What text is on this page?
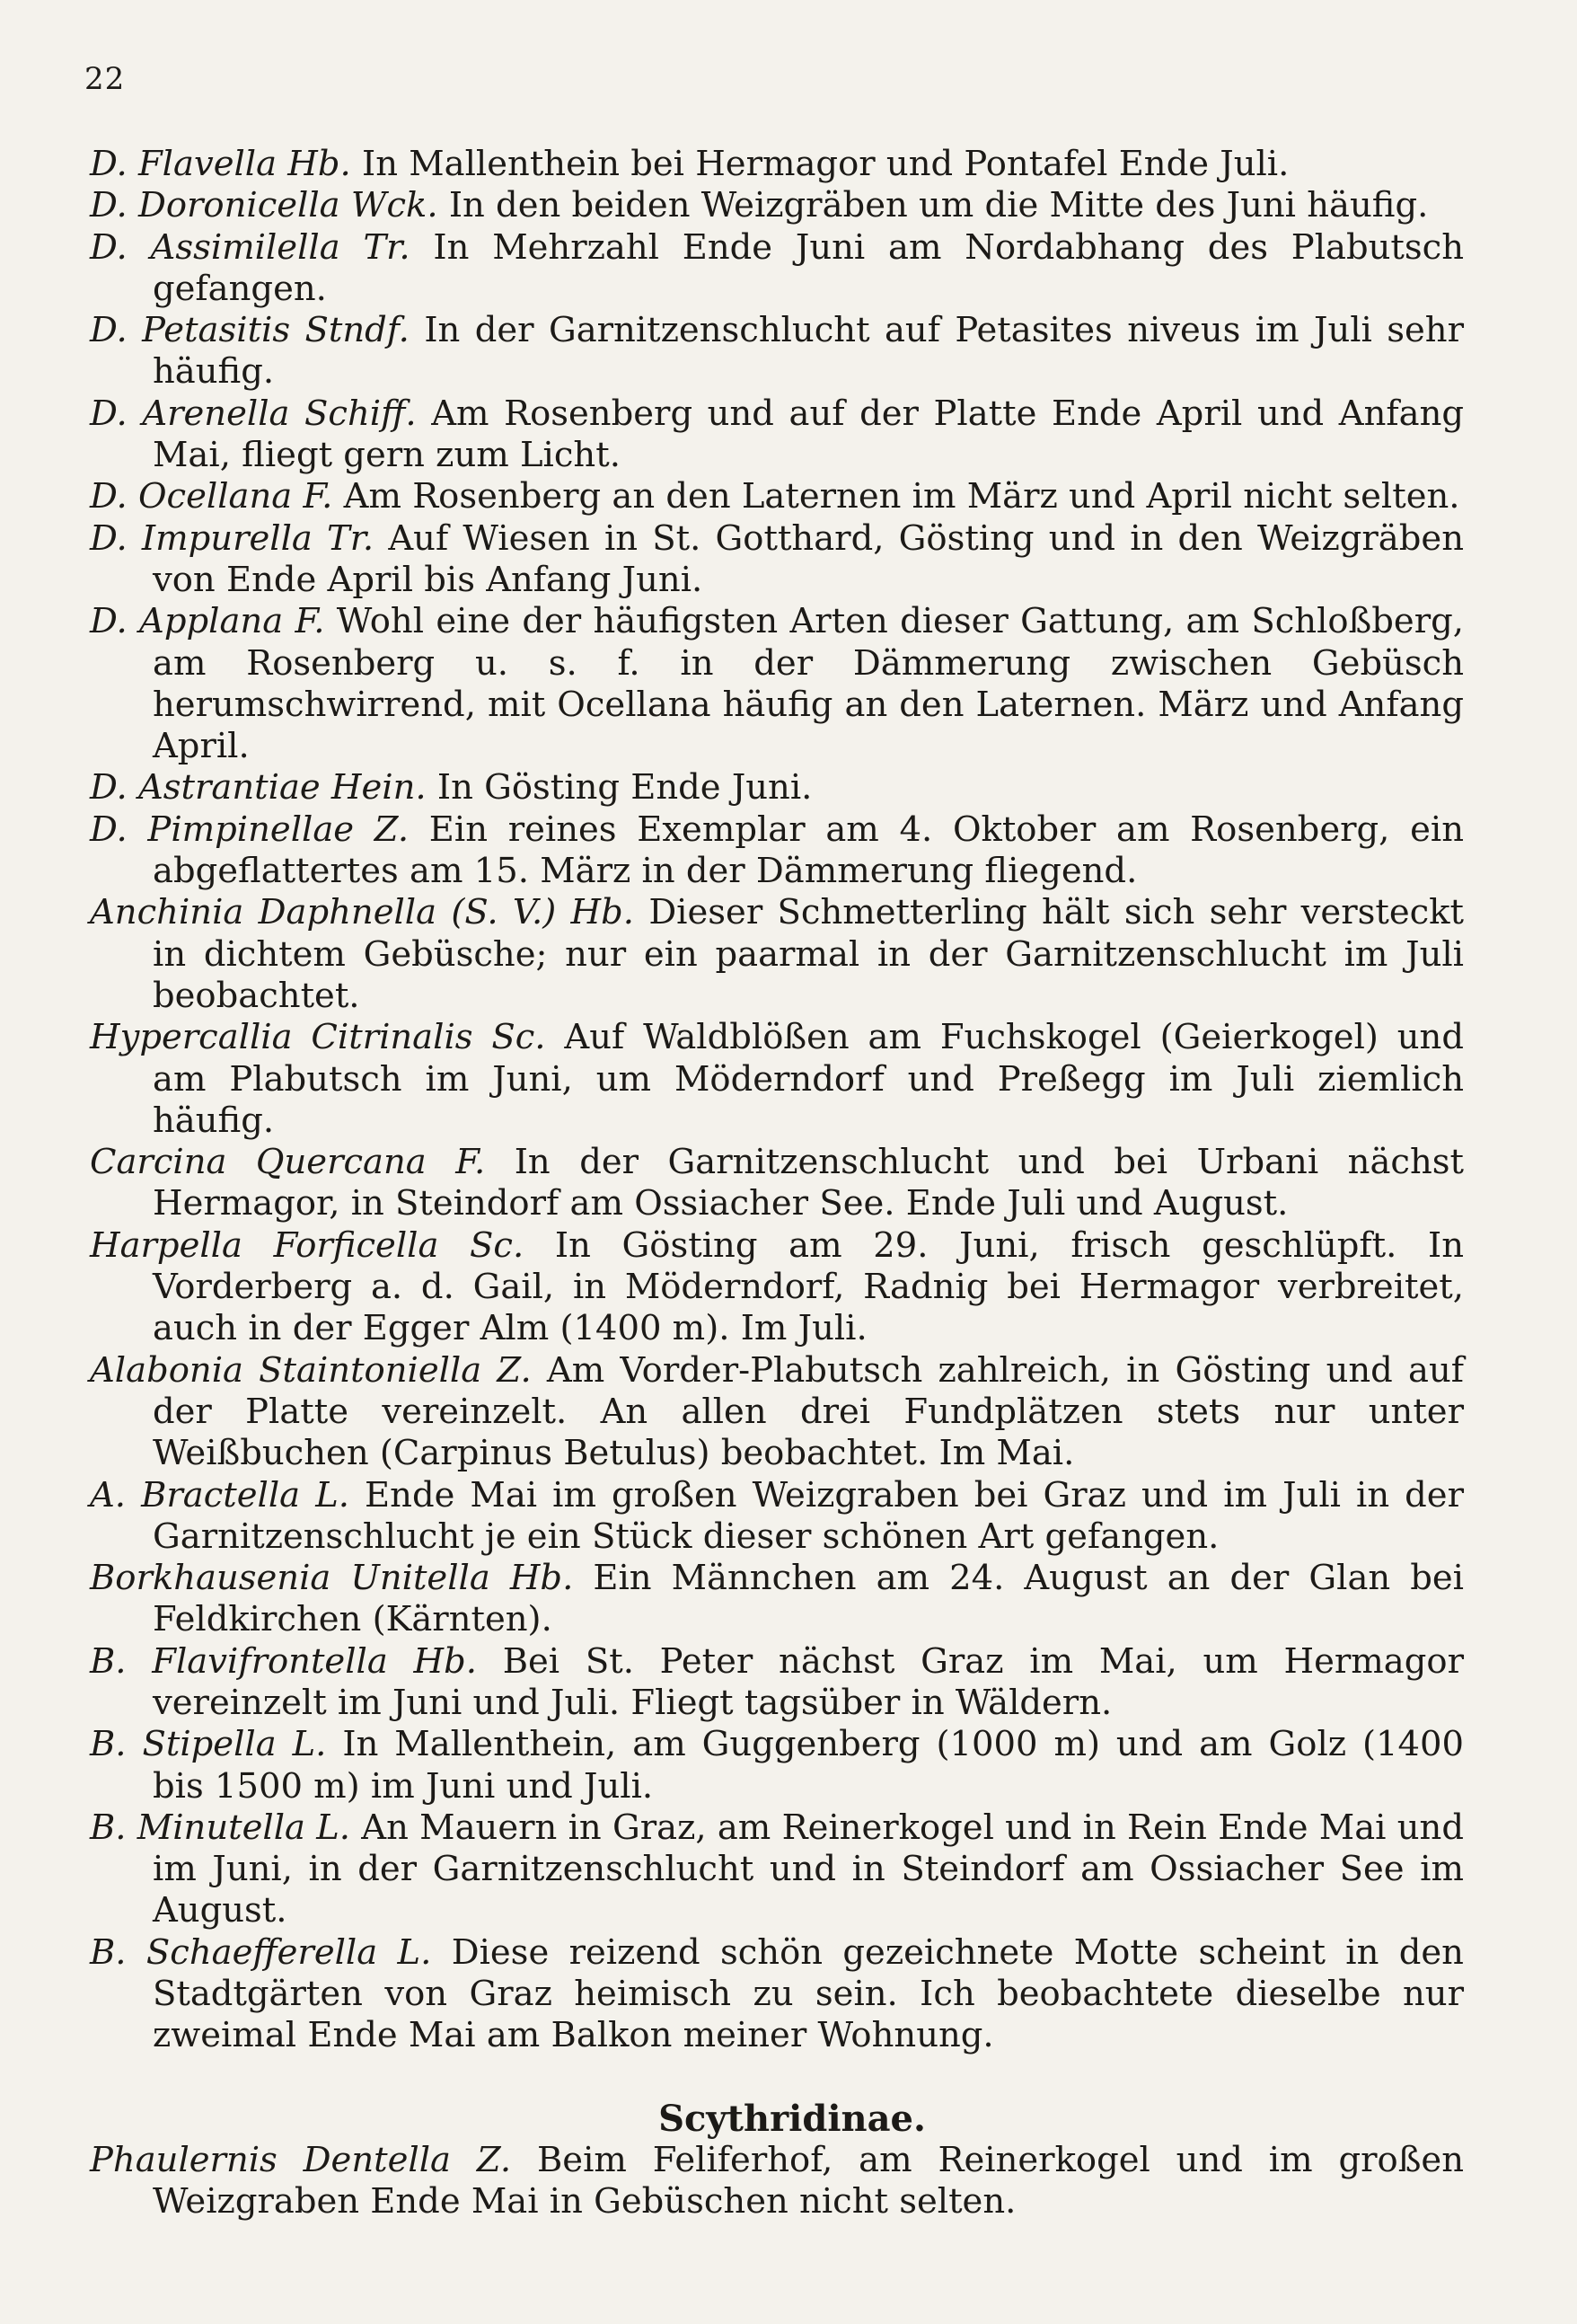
22

D. Flavella Hb. In Mallenthein bei Hermagor und Pontafel Ende Juli.

D. Doronicella Wck. In den beiden Weizgräben um die Mitte des Juni häufig.

D. Assimilella Tr. In Mehrzahl Ende Juni am Nordabhang des Plabutsch gefangen.

D. Petasitis Stndf. In der Garnitzenschlucht auf Petasites niveus im Juli sehr häufig.

D. Arenella Schiff. Am Rosenberg und auf der Platte Ende April und Anfang Mai, fliegt gern zum Licht.

D. Ocellana F. Am Rosenberg an den Laternen im März und April nicht selten.

D. Impurella Tr. Auf Wiesen in St. Gotthard, Gösting und in den Weizgräben von Ende April bis Anfang Juni.

D. Applana F. Wohl eine der häufigsten Arten dieser Gattung, am Schloßberg, am Rosenberg u. s. f. in der Dämmerung zwischen Gebüsch herumschwirrend, mit Ocellana häufig an den Laternen. März und Anfang April.

D. Astrantiae Hein. In Gösting Ende Juni.

D. Pimpinellae Z. Ein reines Exemplar am 4. Oktober am Rosenberg, ein abgeflattertes am 15. März in der Dämmerung fliegend.

Anchinia Daphnella (S. V.) Hb. Dieser Schmetterling hält sich sehr versteckt in dichtem Gebüsche; nur ein paarmal in der Garnitzenschlucht im Juli beobachtet.

Hypercallia Citrinalis Sc. Auf Waldblößen am Fuchskogel (Geierkogel) und am Plabutsch im Juni, um Möderndorf und Preßegg im Juli ziemlich häufig.

Carcina Quercana F. In der Garnitzenschlucht und bei Urbani nächst Hermagor, in Steindorf am Ossiacher See. Ende Juli und August.

Harpella Forficella Sc. In Gösting am 29. Juni, frisch geschlüpft. In Vorderberg a. d. Gail, in Möderndorf, Radnig bei Hermagor verbreitet, auch in der Egger Alm (1400 m). Im Juli.

Alabonia Staintoniella Z. Am Vorder-Plabutsch zahlreich, in Gösting und auf der Platte vereinzelt. An allen drei Fundplätzen stets nur unter Weißbuchen (Carpinus Betulus) beobachtet. Im Mai.

A. Bractella L. Ende Mai im großen Weizgraben bei Graz und im Juli in der Garnitzenschlucht je ein Stück dieser schönen Art gefangen.

Borkhausenia Unitella Hb. Ein Männchen am 24. August an der Glan bei Feldkirchen (Kärnten).

B. Flavifrontella Hb. Bei St. Peter nächst Graz im Mai, um Hermagor vereinzelt im Juni und Juli. Fliegt tagsüber in Wäldern.

B. Stipella L. In Mallenthein, am Guggenberg (1000 m) und am Golz (1400 bis 1500 m) im Juni und Juli.

B. Minutella L. An Mauern in Graz, am Reinerkogel und in Rein Ende Mai und im Juni, in der Garnitzenschlucht und in Steindorf am Ossiacher See im August.

B. Schaefferella L. Diese reizend schön gezeichnete Motte scheint in den Stadtgärten von Graz heimisch zu sein. Ich beobachtete dieselbe nur zweimal Ende Mai am Balkon meiner Wohnung.

Scythridinae.

Phaulernis Dentella Z. Beim Feliferhof, am Reinerkogel und im großen Weizgraben Ende Mai in Gebüschen nicht selten.
